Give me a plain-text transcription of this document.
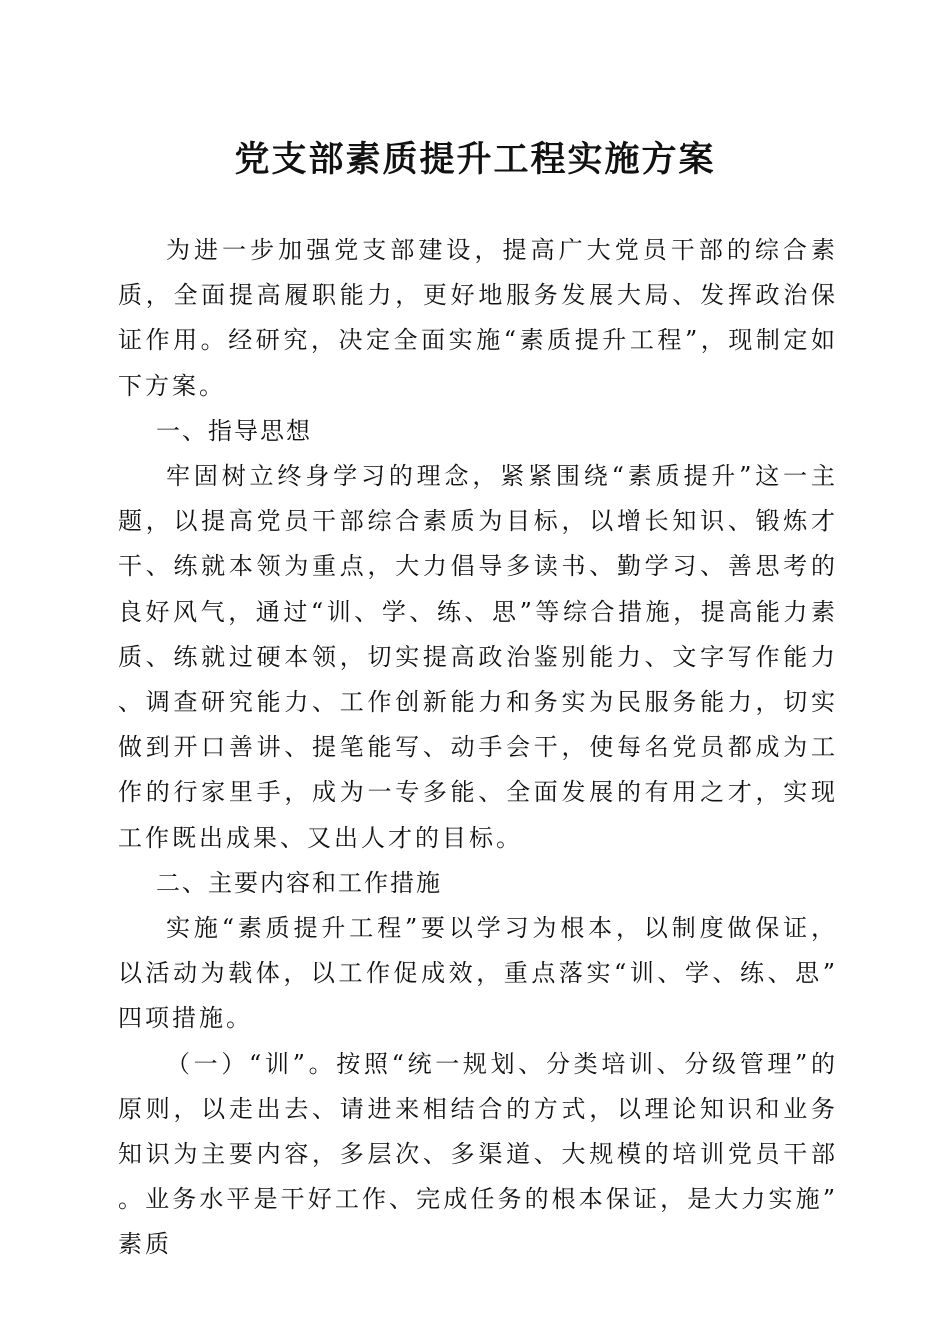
党支部素质提升工程实施方案

为进一步加强党支部建设，提高广大党员干部的综合素质，全面提高履职能力，更好地服务发展大局、发挥政治保证作用。经研究，决定全面实施“素质提升工程”，现制定如下方案。

一、指导思想

牢固树立终身学习的理念，紧紧围绕“素质提升”这一主题，以提高党员干部综合素质为目标，以增长知识、锻炼才干、练就本领为重点，大力倡导多读书、勤学习、善思考的良好风气，通过“训、学、练、思”等综合措施，提高能力素质、练就过硬本领，切实提高政治鉴别能力、文字写作能力、调查研究能力、工作创新能力和务实为民服务能力，切实做到开口善讲、提笔能写、动手会干，使每名党员都成为工作的行家里手，成为一专多能、全面发展的有用之才，实现工作既出成果、又出人才的目标。

二、主要内容和工作措施

实施“素质提升工程”要以学习为根本，以制度做保证，以活动为载体，以工作促成效，重点落实“训、学、练、思”四项措施。

（一）“训”。按照“统一规划、分类培训、分级管理”的原则，以走出去、请进来相结合的方式，以理论知识和业务知识为主要内容，多层次、多渠道、大规模的培训党员干部。业务水平是干好工作、完成任务的根本保证，是大力实施”素质
